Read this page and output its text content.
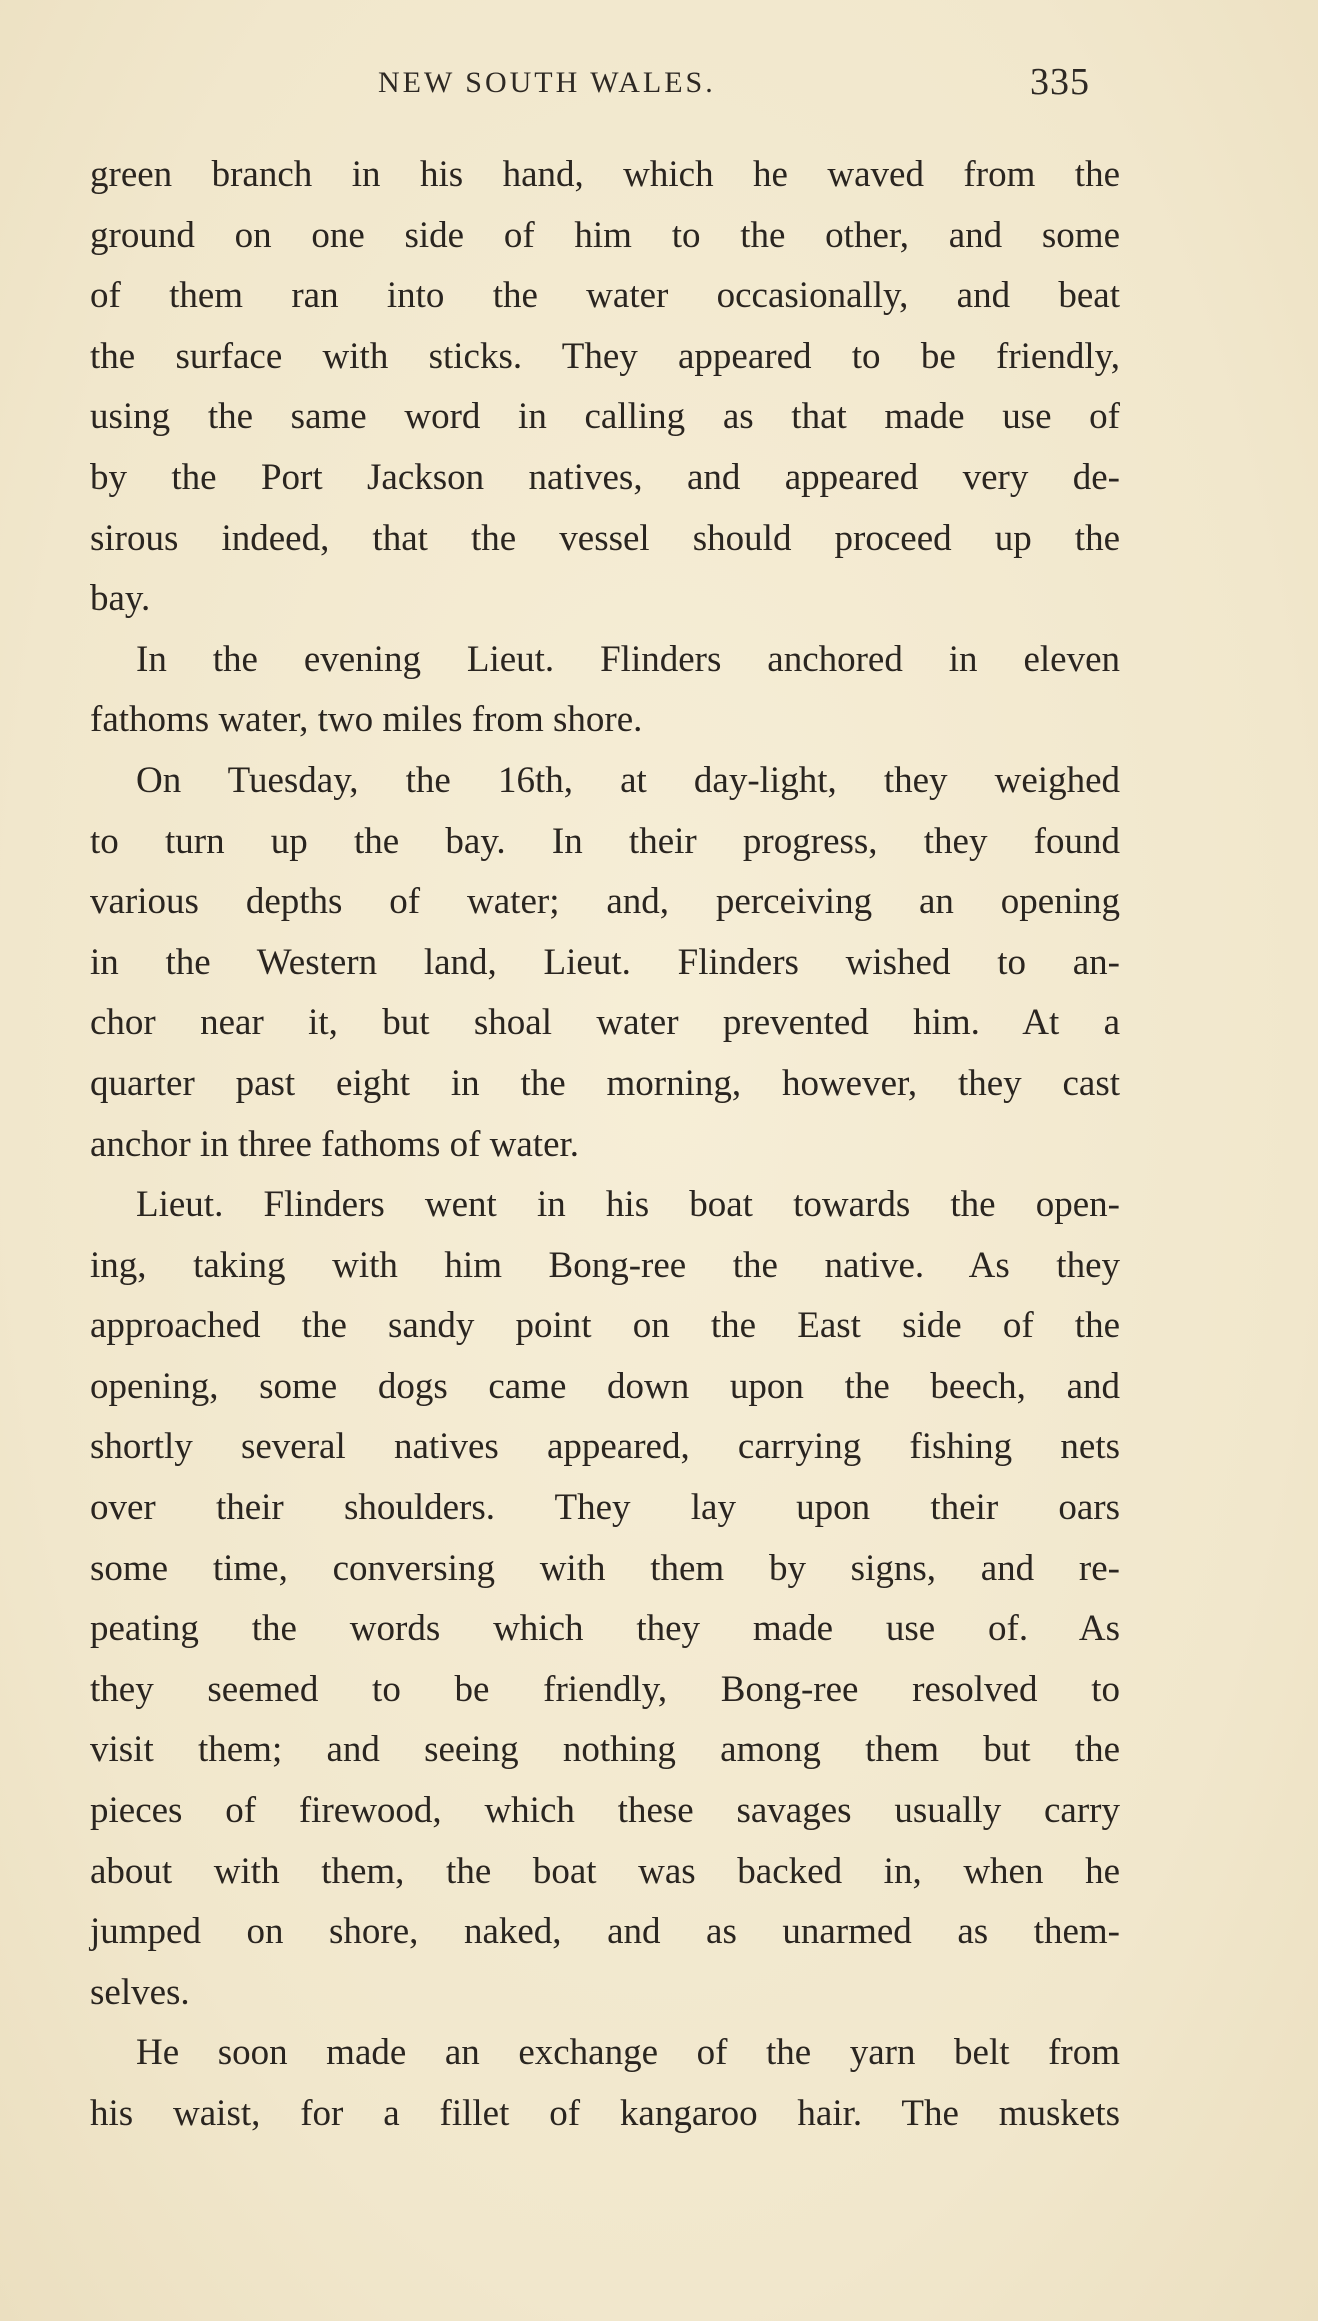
NEW SOUTH WALES.	335
green branch in his hand, which he waved from the
ground on one side of him to the other, and some
of them ran into the water occasionally, and beat
the surface with sticks. They appeared to be friendly,
using the same word in calling as that made use of
by the Port Jackson natives, and appeared very de-
sirous indeed, that the vessel should proceed up the
bay.
In the evening Lieut. Flinders anchored in eleven
fathoms water, two miles from shore.
On Tuesday, the 16th, at day-light, they weighed
to turn up the bay. In their progress, they found
various depths of water; and, perceiving an opening
in the Western land, Lieut. Flinders wished to an-
chor near it, but shoal water prevented him. At a
quarter past eight in the morning, however, they cast
anchor in three fathoms of water.
Lieut. Flinders went in his boat towards the open-
ing, taking with him Bong-ree the native. As they
approached the sandy point on the East side of the
opening, some dogs came down upon the beech, and
shortly several natives appeared, carrying fishing nets
over their shoulders. They lay upon their oars
some time, conversing with them by signs, and re-
peating the words which they made use of. As
they seemed to be friendly, Bong-ree resolved to
visit them; and seeing nothing among them but the
pieces of firewood, which these savages usually carry
about with them, the boat was backed in, when he
jumped on shore, naked, and as unarmed as them-
selves.
He soon made an exchange of the yarn belt from
his waist, for a fillet of kangaroo hair. The muskets
